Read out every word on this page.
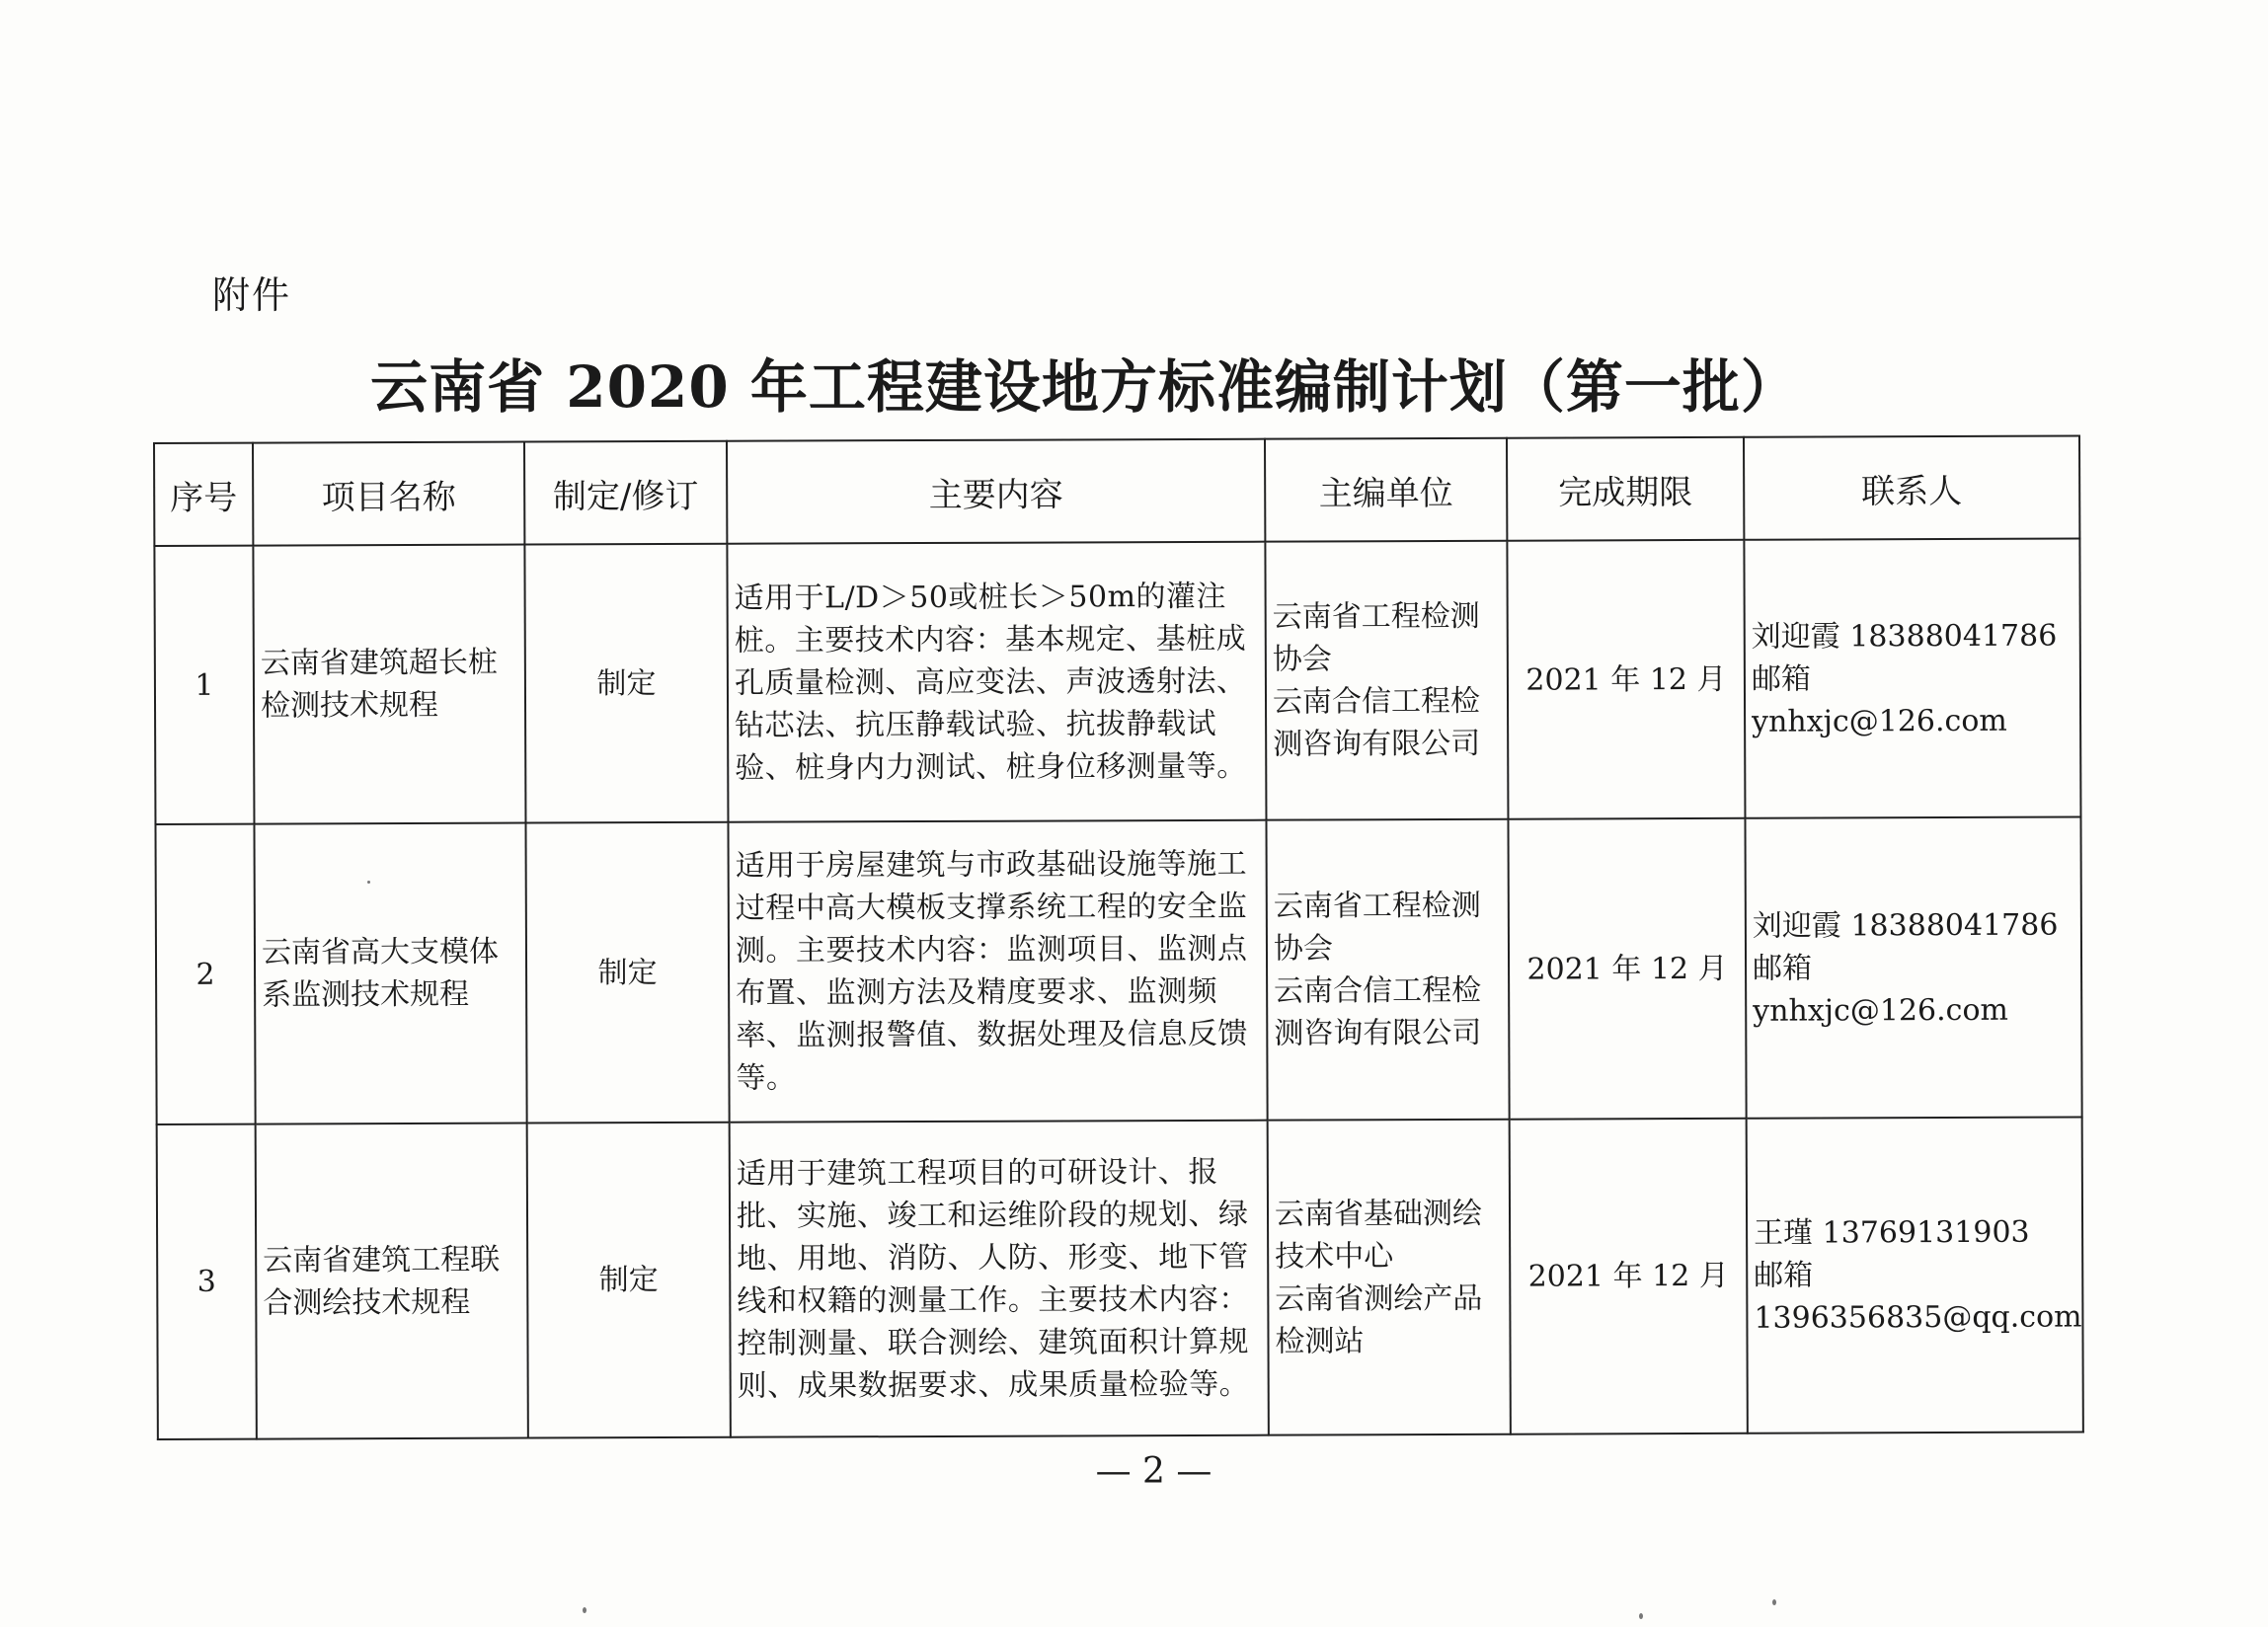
附件
云南省 2020 年工程建设地方标准编制计划（第一批）
序号	项目名称	制定/修订	主要内容	主编单位	完成期限	联系人
1	云南省建筑超长桩检测技术规程	制定	适用于L/D＞50或桩长＞50m的灌注桩。主要技术内容：基本规定、基桩成孔质量检测、高应变法、声波透射法、钻芯法、抗压静载试验、抗拔静载试验、桩身内力测试、桩身位移测量等。	云南省工程检测协会
云南合信工程检测咨询有限公司	2021 年 12 月	刘迎霞 18388041786
邮箱
ynhxjc@126.com

2	云南省高大支模体系监测技术规程	制定	适用于房屋建筑与市政基础设施等施工过程中高大模板支撑系统工程的安全监测。主要技术内容：监测项目、监测点布置、监测方法及精度要求、监测频率、监测报警值、数据处理及信息反馈等。	云南省工程检测协会
云南合信工程检测咨询有限公司	2021 年 12 月	刘迎霞 18388041786
邮箱
ynhxjc@126.com

3	云南省建筑工程联合测绘技术规程	制定	适用于建筑工程项目的可研设计、报批、实施、竣工和运维阶段的规划、绿地、用地、消防、人防、形变、地下管线和权籍的测量工作。主要技术内容：控制测量、联合测绘、建筑面积计算规则、成果数据要求、成果质量检验等。	云南省基础测绘技术中心
云南省测绘产品检测站	2021 年 12 月	王瑾 13769131903
邮箱
1396356835@qq.com
— 2 —
